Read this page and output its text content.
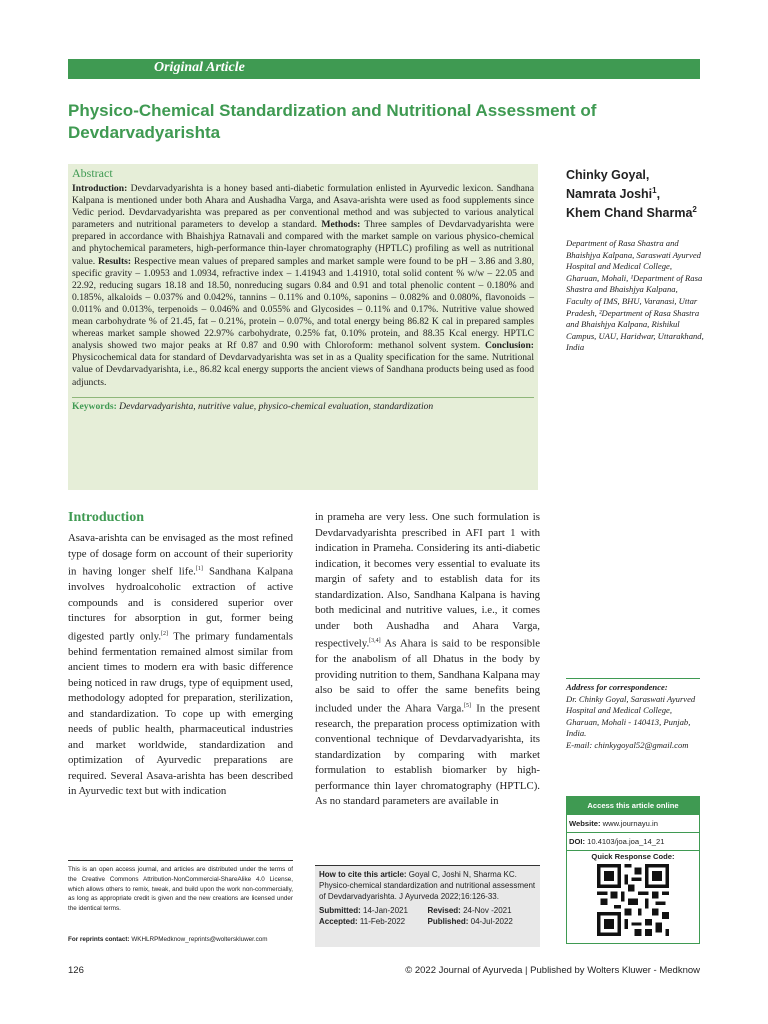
Original Article
Physico-Chemical Standardization and Nutritional Assessment of Devdarvadyarishta
Abstract

Introduction: Devdarvadyarishta is a honey based anti-diabetic formulation enlisted in Ayurvedic lexicon. Sandhana Kalpana is mentioned under both Ahara and Aushadha Varga, and Asava-arishta were used as food supplements since Vedic period. Devdarvadyarishta was prepared as per conventional method and was subjected to various analytical parameters and nutritional parameters to develop a standard. Methods: Three samples of Devdarvadyarishta were prepared in accordance with Bhaishjya Ratnavali and compared with the market sample on various physico-chemical and phytochemical parameters, high-performance thin-layer chromatography (HPTLC) profiling as well as nutritional value. Results: Respective mean values of prepared samples and market sample were found to be pH – 3.86 and 3.80, specific gravity – 1.0953 and 1.0934, refractive index – 1.41943 and 1.41910, total solid content % w/w – 22.05 and 22.92, reducing sugars 18.18 and 18.50, nonreducing sugars 0.84 and 0.91 and total phenolic content – 0.180% and 0.185%, alkaloids – 0.037% and 0.042%, tannins – 0.11% and 0.10%, saponins – 0.082% and 0.080%, flavonoids – 0.011% and 0.013%, terpenoids – 0.046% and 0.055% and Glycosides – 0.11% and 0.17%. Nutritive value showed mean carbohydrate % of 21.45, fat – 0.21%, protein – 0.07%, and total energy being 86.82 K cal in prepared samples whereas market sample showed 22.97% carbohydrate, 0.25% fat, 0.10% protein, and 88.35 Kcal energy. HPTLC analysis showed two major peaks at Rf 0.87 and 0.90 with Chloroform: methanol solvent system. Conclusion: Physicochemical data for standard of Devdarvadyarishta was set in as a Quality specification for the same. Nutritional value of Devdarvadyarishta, i.e., 86.82 kcal energy supports the ancient views of Sandhana products being used as food adjuncts.

Keywords: Devdarvadyarishta, nutritive value, physico-chemical evaluation, standardization
Chinky Goyal,
Namrata Joshi$^1$,
Khem Chand Sharma$^2$
Department of Rasa Shastra and Bhaishjya Kalpana, Saraswati Ayurved Hospital and Medical College, Gharuan, Mohali, ¹Department of Rasa Shastra and Bhaishjya Kalpana, Faculty of IMS, BHU, Varanasi, Uttar Pradesh, ²Department of Rasa Shastra and Bhaishjya Kalpana, Rishikul Campus, UAU, Haridwar, Uttarakhand, India
Introduction
Asava-arishta can be envisaged as the most refined type of dosage form on account of their superiority in having longer shelf life.[1] Sandhana Kalpana involves hydroalcoholic extraction of active compounds and is considered superior over tinctures for absorption in gut, former being digested partly only.[2] The primary fundamentals behind fermentation remained almost similar from ancient times to modern era with basic difference being noticed in raw drugs, type of equipment used, methodology adopted for preparation, sterilization, and standardization. To cope up with emerging needs of public health, pharmaceutical industries and market worldwide, standardization and optimization of Ayurvedic preparations are required. Several Asava-arishta has been described in Ayurvedic text but with indication
in prameha are very less. One such formulation is Devdarvadyarishta prescribed in AFI part 1 with indication in Prameha. Considering its anti-diabetic indication, it becomes very essential to evaluate its margin of safety and to establish data for its standardization. Also, Sandhana Kalpana is having both medicinal and nutritive values, i.e., it comes under both Aushadha and Ahara Varga, respectively.[3,4] As Ahara is said to be responsible for the anabolism of all Dhatus in the body by providing nutrition to them, Sandhana Kalpana may also be said to offer the same benefits being included under the Ahara Varga.[5] In the present research, the preparation process optimization with conventional technique of Devdarvadyarishta, its standardization by comparing with market formulation to establish biomarker by high-performance thin layer chromatography (HPTLC). As no standard parameters are available in
This is an open access journal, and articles are distributed under the terms of the Creative Commons Attribution-NonCommercial-ShareAlike 4.0 License, which allows others to remix, tweak, and build upon the work non-commercially, as long as appropriate credit is given and the new creations are licensed under the identical terms.
For reprints contact: WKHLRPMedknow_reprints@wolterskluwer.com
How to cite this article: Goyal C, Joshi N, Sharma KC. Physico-chemical standardization and nutritional assessment of Devdarvadyarishta. J Ayurveda 2022;16:126-33.
Submitted: 14-Jan-2021	Revised: 24-Nov -2021
Accepted: 11-Feb-2022	Published: 04-Jul-2022
Address for correspondence:
Dr. Chinky Goyal, Saraswati Ayurved Hospital and Medical College, Gharuan, Mohali - 140413, Punjab, India.
E-mail: chinkygoyal52@gmail.com
Access this article online
Website: www.journayu.in
DOI: 10.4103/joa.joa_14_21
Quick Response Code:
126	© 2022 Journal of Ayurveda | Published by Wolters Kluwer - Medknow
